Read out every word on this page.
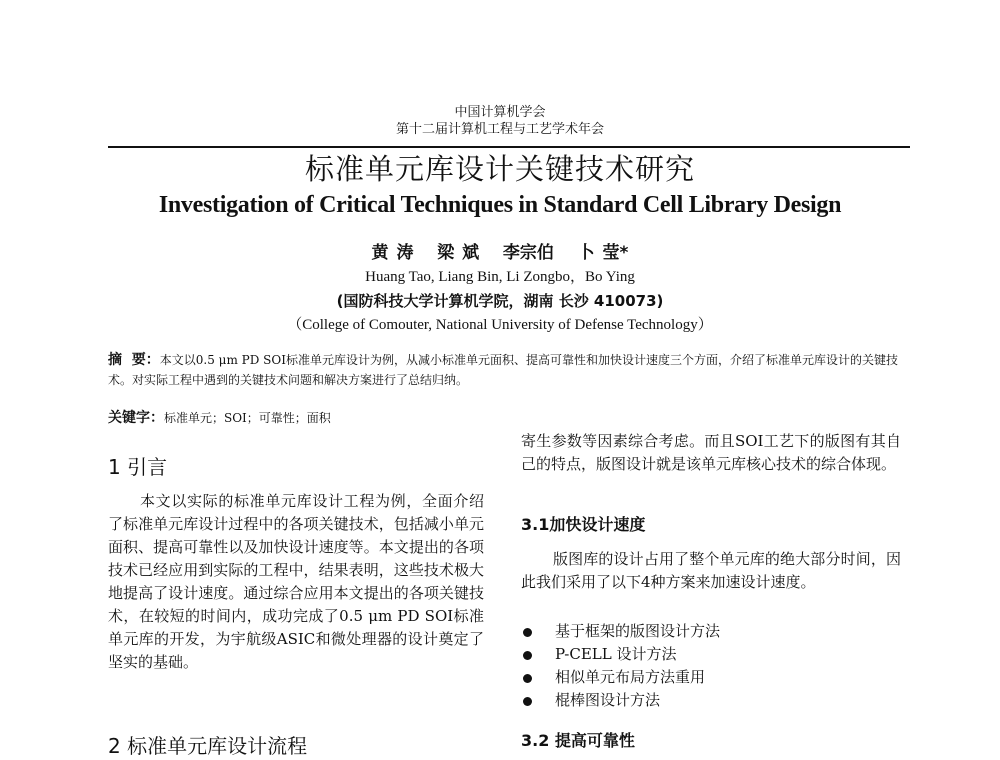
中国计算机学会
第十二届计算机工程与工艺学术年会
标准单元库设计关键技术研究
Investigation of Critical Techniques in Standard Cell Library Design
黄 涛   梁 斌   李宗伯   卜 莹*
Huang Tao, Liang Bin, Li Zongbo，Bo Ying
(国防科技大学计算机学院，湖南 长沙 410073)
（College of Comouter, National University of Defense Technology）
摘  要：本文以0.5 μm PD SOI标准单元库设计为例，从减小标准单元面积、提高可靠性和加快设计速度三个方面，介绍了标准单元库设计的关键技术。对实际工程中遇到的关键技术问题和解决方案进行了总结归纳。
关键字：标准单元；SOI；可靠性；面积
1 引言

本文以实际的标准单元库设计工程为例，全面介绍了标准单元库设计过程中的各项关键技术，包括减小单元面积、提高可靠性以及加快设计速度等。本文提出的各项技术已经应用到实际的工程中，结果表明，这些技术极大地提高了设计速度。通过综合应用本文提出的各项关键技术，在较短的时间内，成功完成了0.5 μm PD SOI标准单元库的开发，为宇航级ASIC和微处理器的设计奠定了坚实的基础。

2 标准单元库设计流程

寄生参数等因素综合考虑。而且SOI工艺下的版图有其自己的特点，版图设计就是该单元库核心技术的综合体现。

3.1加快设计速度

版图库的设计占用了整个单元库的绝大部分时间，因此我们采用了以下4种方案来加速设计速度。

基于框架的版图设计方法
P-CELL 设计方法
相似单元布局方法重用
棍棒图设计方法
3.2 提高可靠性
